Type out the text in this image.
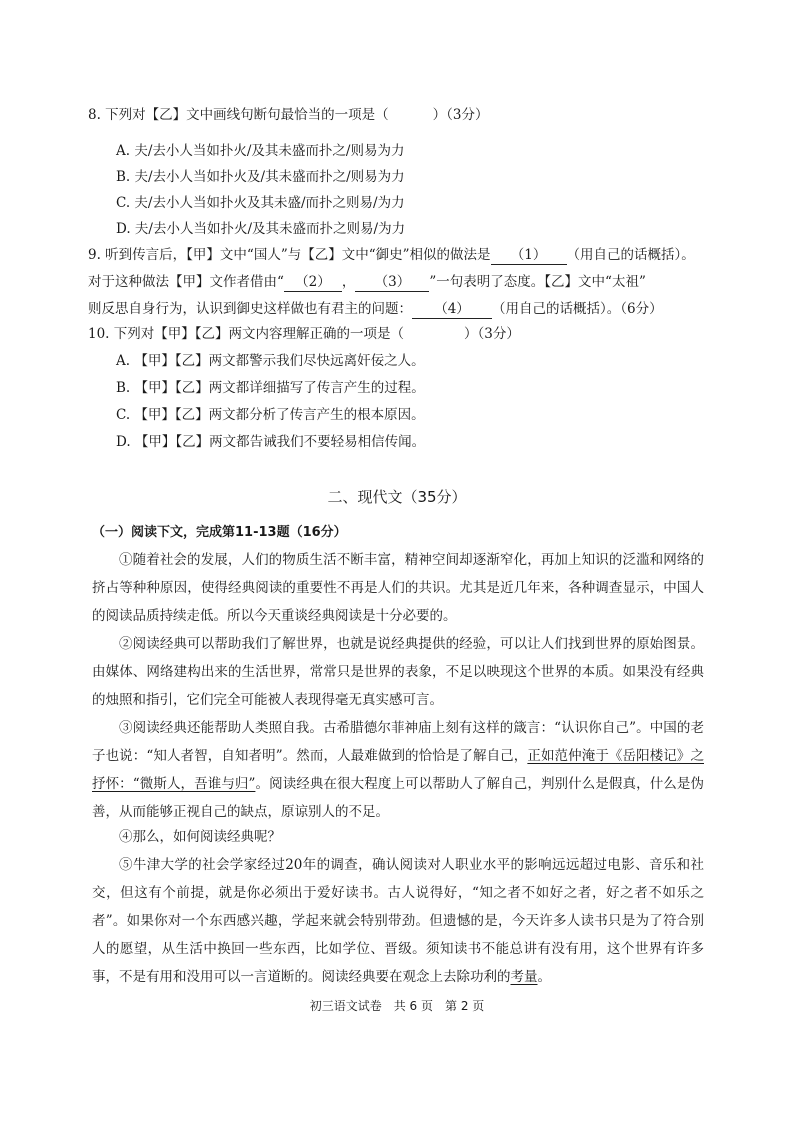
8. 下列对【乙】文中画线句断句最恰当的一项是（	）（3分）
A. 夫/去小人当如扑火/及其未盛而扑之/则易为力
B. 夫/去小人当如扑火及/其未盛而扑之/则易为力
C. 夫/去小人当如扑火及其未盛/而扑之则易/为力
D. 夫/去小人当如扑火/及其未盛而扑之则易/为力
9. 听到传言后，【甲】文中“国人”与【乙】文中“御史”相似的做法是 （1） （用自己的话概括）。
对于这种做法【甲】文作者借由“ （2） ， （3） ”一句表明了态度。【乙】文中“太祖”
则反思自身行为，认识到御史这样做也有君主的问题： （4） （用自己的话概括）。（6分）
10. 下列对【甲】【乙】两文内容理解正确的一项是（	）（3分）
A. 【甲】【乙】两文都警示我们尽快远离奸佞之人。
B. 【甲】【乙】两文都详细描写了传言产生的过程。
C. 【甲】【乙】两文都分析了传言产生的根本原因。
D. 【甲】【乙】两文都告诫我们不要轻易相信传闻。
二、现代文（35分）
（一）阅读下文，完成第11-13题（16分）
①随着社会的发展，人们的物质生活不断丰富，精神空间却逐渐窄化，再加上知识的泛滥和网络的挤占等种种原因，使得经典阅读的重要性不再是人们的共识。尤其是近几年来，各种调查显示，中国人的阅读品质持续走低。所以今天重谈经典阅读是十分必要的。
②阅读经典可以帮助我们了解世界，也就是说经典提供的经验，可以让人们找到世界的原始图景。由媒体、网络建构出来的生活世界，常常只是世界的表象，不足以映现这个世界的本质。如果没有经典的烛照和指引，它们完全可能被人表现得毫无真实感可言。
③阅读经典还能帮助人类照自我。古希腊德尔菲神庙上刻有这样的箴言：“认识你自己”。中国的老子也说：“知人者智，自知者明”。然而，人最难做到的恰恰是了解自己，正如范仲淹于《岳阳楼记》之抒怀：“微斯人，吾谁与归”。阅读经典在很大程度上可以帮助人了解自己，判别什么是假真，什么是伪善，从而能够正视自己的缺点，原谅别人的不足。
④那么，如何阅读经典呢？
⑤牛津大学的社会学家经过20年的调查，确认阅读对人职业水平的影响远远超过电影、音乐和社交，但这有个前提，就是你必须出于爱好读书。古人说得好，“知之者不如好之者，好之者不如乐之者”。如果你对一个东西感兴趣，学起来就会特别带劲。但遗憾的是，今天许多人读书只是为了符合别人的愿望，从生活中换回一些东西，比如学位、晋级。须知读书不能总讲有没有用，这个世界有许多事，不是有用和没用可以一言道断的。阅读经典要在观念上去除功利的考量。
初三语文试卷　共 6 页　第 2 页
